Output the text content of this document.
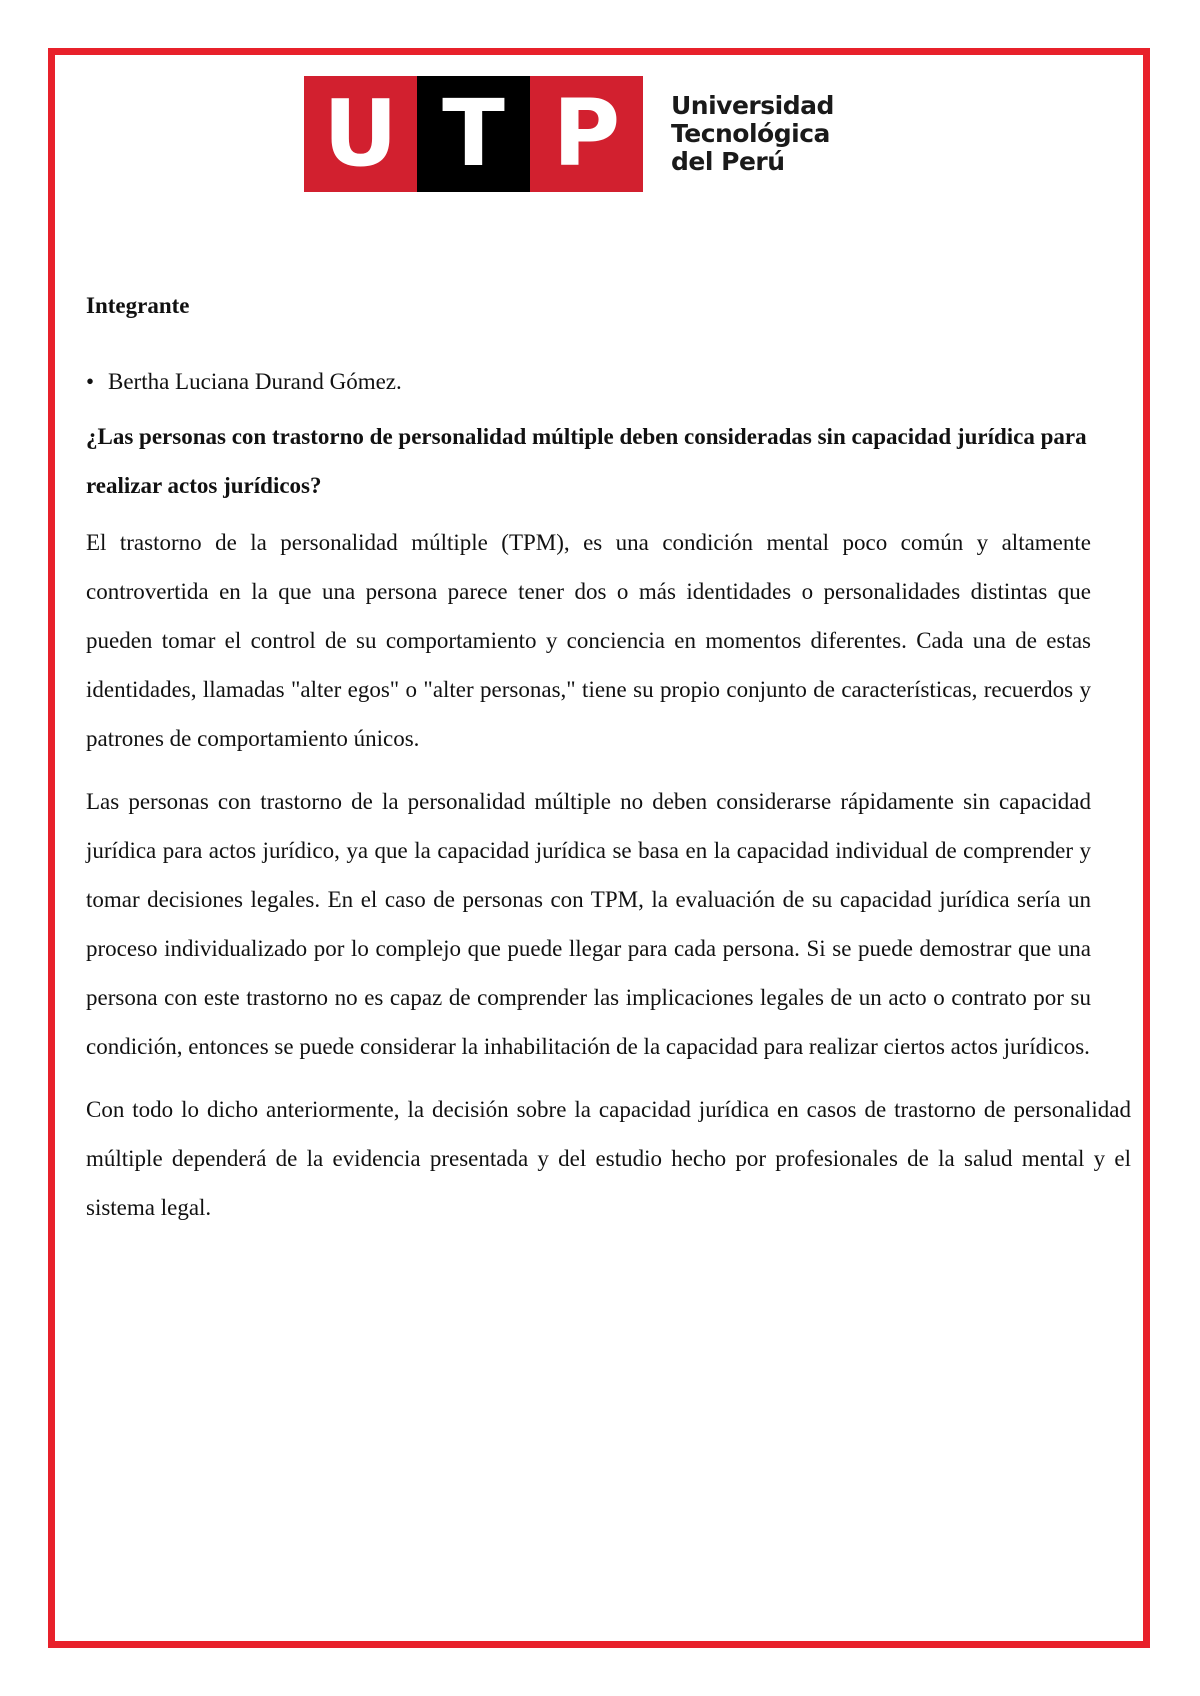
U T P	Universidad
Tecnológica
del Perú

Integrante

• Bertha Luciana Durand Gómez.

¿Las personas con trastorno de personalidad múltiple deben consideradas sin capacidad jurídica para realizar actos jurídicos?

El trastorno de la personalidad múltiple (TPM), es una condición mental poco común y altamente controvertida en la que una persona parece tener dos o más identidades o personalidades distintas que pueden tomar el control de su comportamiento y conciencia en momentos diferentes. Cada una de estas identidades, llamadas "alter egos" o "alter personas," tiene su propio conjunto de características, recuerdos y patrones de comportamiento únicos.

Las personas con trastorno de la personalidad múltiple no deben considerarse rápidamente sin capacidad jurídica para actos jurídico, ya que la capacidad jurídica se basa en la capacidad individual de comprender y tomar decisiones legales. En el caso de personas con TPM, la evaluación de su capacidad jurídica sería un proceso individualizado por lo complejo que puede llegar para cada persona. Si se puede demostrar que una persona con este trastorno no es capaz de comprender las implicaciones legales de un acto o contrato por su condición, entonces se puede considerar la inhabilitación de la capacidad para realizar ciertos actos jurídicos.

Con todo lo dicho anteriormente, la decisión sobre la capacidad jurídica en casos de trastorno de personalidad múltiple dependerá de la evidencia presentada y del estudio hecho por profesionales de la salud mental y el sistema legal.
